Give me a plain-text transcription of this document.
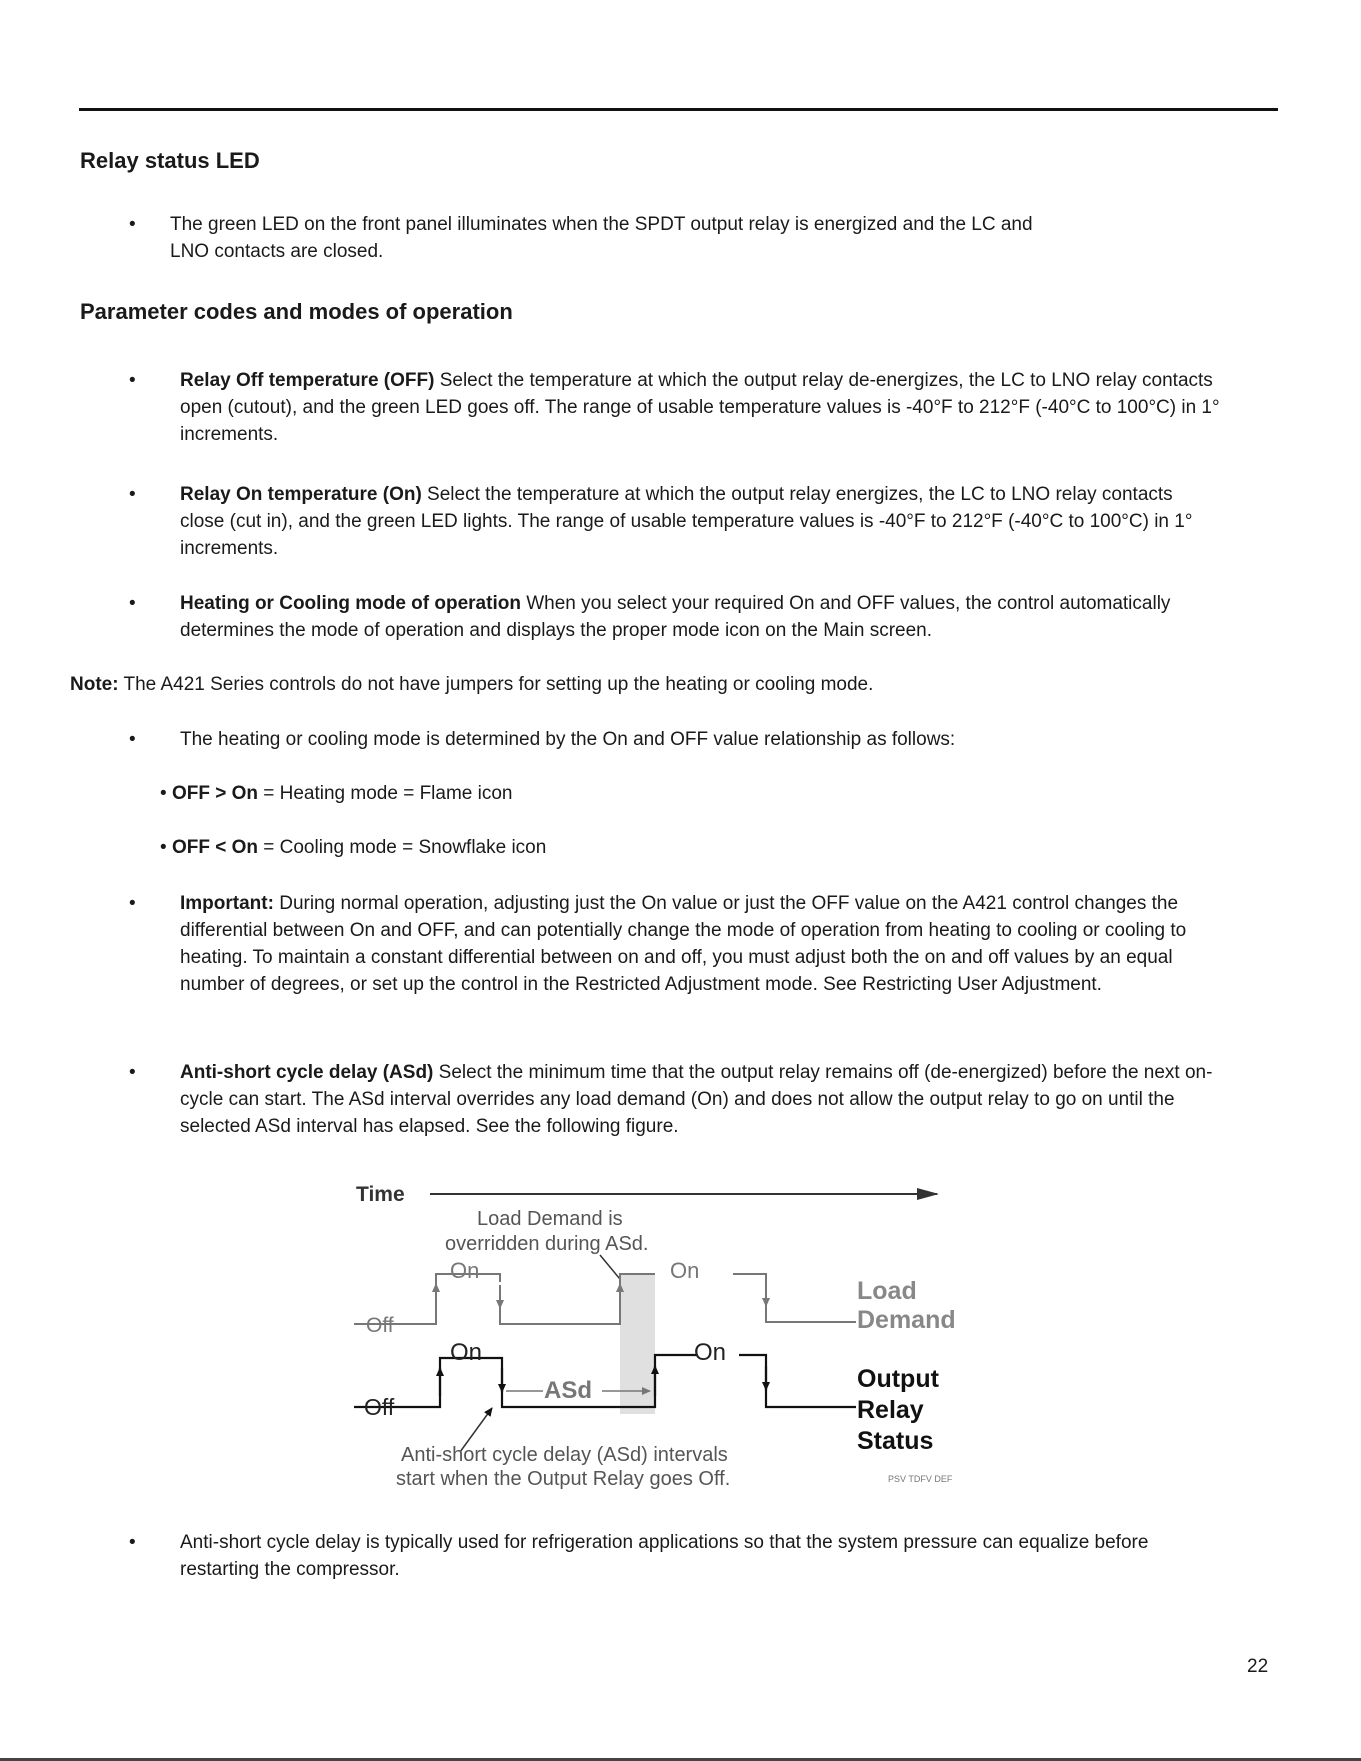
Relay status LED
• The green LED on the front panel illuminates when the SPDT output relay is energized and the LC and LNO contacts are closed.

Parameter codes and modes of operation
• Relay Off temperature (OFF) Select the temperature at which the output relay de-energizes, the LC to LNO relay contacts open (cutout), and the green LED goes off. The range of usable temperature values is -40°F to 212°F (-40°C to 100°C) in 1° increments.

• Relay On temperature (On) Select the temperature at which the output relay energizes, the LC to LNO relay contacts close (cut in), and the green LED lights. The range of usable temperature values is -40°F to 212°F (-40°C to 100°C) in 1° increments.

• Heating or Cooling mode of operation When you select your required On and OFF values, the control automatically determines the mode of operation and displays the proper mode icon on the Main screen.

Note: The A421 Series controls do not have jumpers for setting up the heating or cooling mode.

• The heating or cooling mode is determined by the On and OFF value relationship as follows:

• OFF > On = Heating mode = Flame icon

• OFF < On = Cooling mode = Snowflake icon

• Important: During normal operation, adjusting just the On value or just the OFF value on the A421 control changes the differential between On and OFF, and can potentially change the mode of operation from heating to cooling or cooling to heating. To maintain a constant differential between on and off, you must adjust both the on and off values by an equal number of degrees, or set up the control in the Restricted Adjustment mode. See Restricting User Adjustment.

• Anti-short cycle delay (ASd) Select the minimum time that the output relay remains off (de-energized) before the next on-cycle can start. The ASd interval overrides any load demand (On) and does not allow the output relay to go on until the selected ASd interval has elapsed. See the following figure.

Time
Load Demand is
overridden during ASd.
Off
On	On
Load
Demand
Off
On	On
ASd
Anti-short cycle delay (ASd) intervals
start when the Output Relay goes Off.
Output
Relay
Status
PSV TDFV DEF
• Anti-short cycle delay is typically used for refrigeration applications so that the system pressure can equalize before restarting the compressor.

22
